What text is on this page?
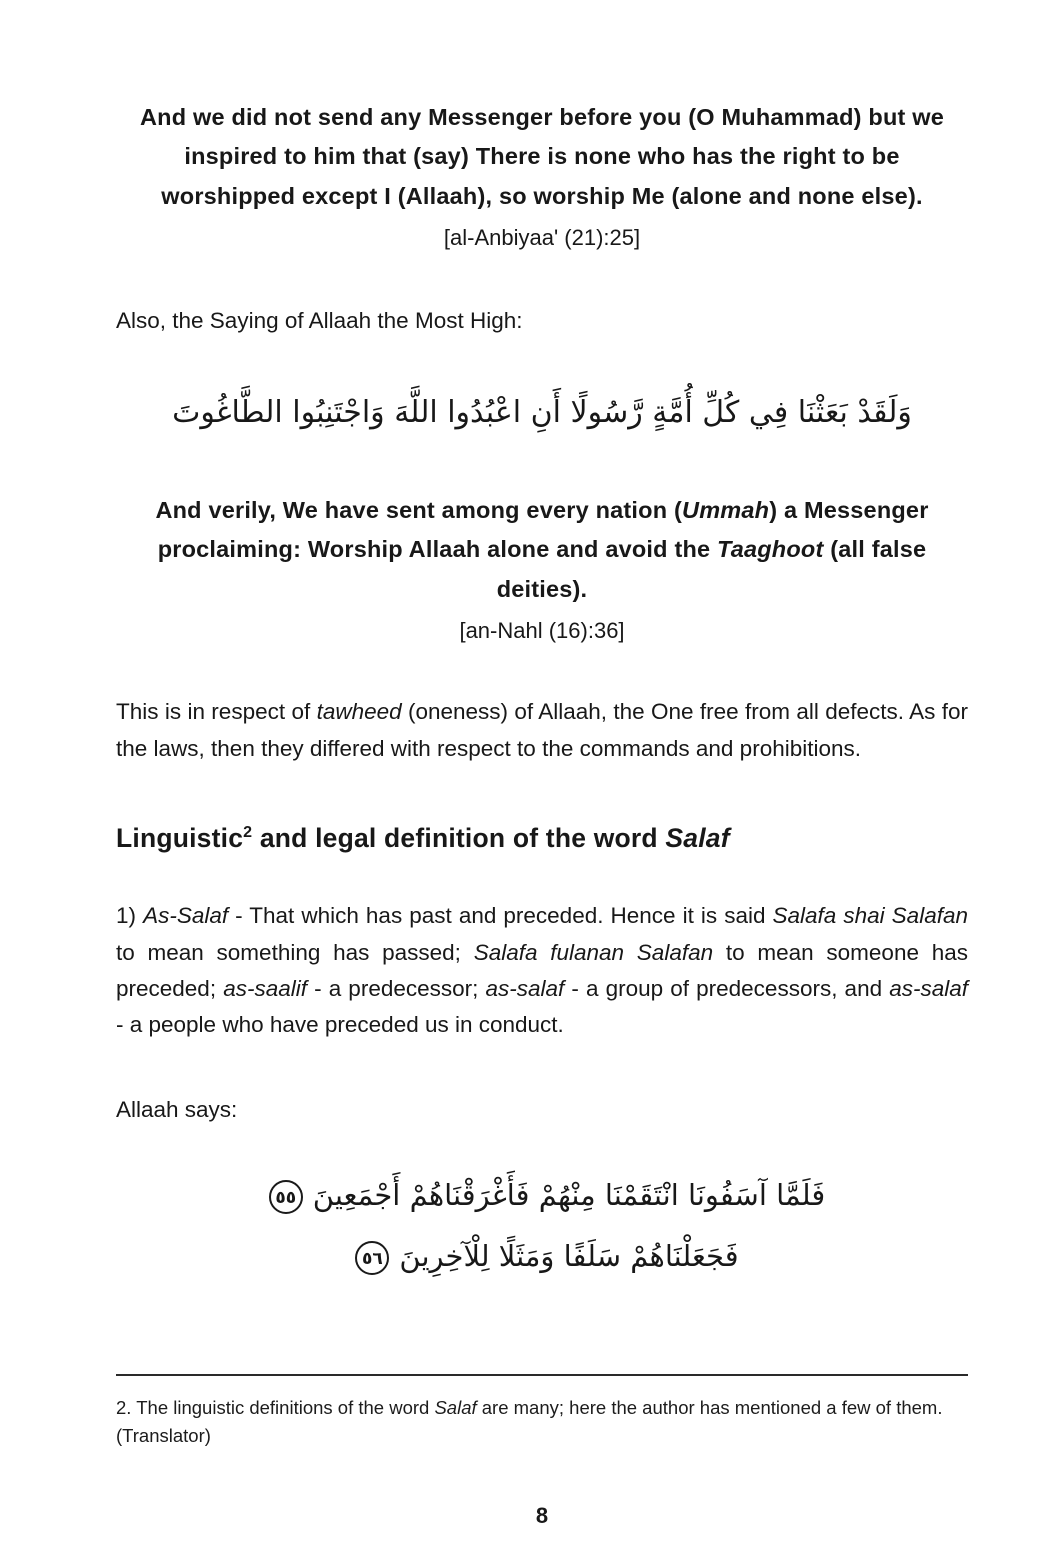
And we did not send any Messenger before you (O Muhammad) but we inspired to him that (say) There is none who has the right to be worshipped except I (Allaah), so worship Me (alone and none else).
[al-Anbiyaa' (21):25]
Also, the Saying of Allaah the Most High:
وَلَقَدْ بَعَثْنَا فِي كُلِّ أُمَّةٍ رَّسُولًا أَنِ اعْبُدُوا اللَّهَ وَاجْتَنِبُوا الطَّاغُوتَ
And verily, We have sent among every nation (Ummah) a Messenger proclaiming: Worship Allaah alone and avoid the Taaghoot (all false deities).
[an-Nahl (16):36]

This is in respect of tawheed (oneness) of Allaah, the One free from all defects. As for the laws, then they differed with respect to the commands and prohibitions.

Linguistic$^2$ and legal definition of the word Salaf

1) As-Salaf - That which has past and preceded. Hence it is said Salafa shai Salafan to mean something has passed; Salafa fulanan Salafan to mean someone has preceded; as-saalif - a predecessor; as-salaf - a group of predecessors, and as-salaf - a people who have preceded us in conduct.

Allaah says:
فَلَمَّا آسَفُونَا انْتَقَمْنَا مِنْهُمْ فَأَغْرَقْنَاهُمْ أَجْمَعِينَ٥٥
فَجَعَلْنَاهُمْ سَلَفًا وَمَثَلًا لِلْآخِرِينَ٥٦
2. The linguistic definitions of the word Salaf are many; here the author has mentioned a few of them. (Translator)
8
